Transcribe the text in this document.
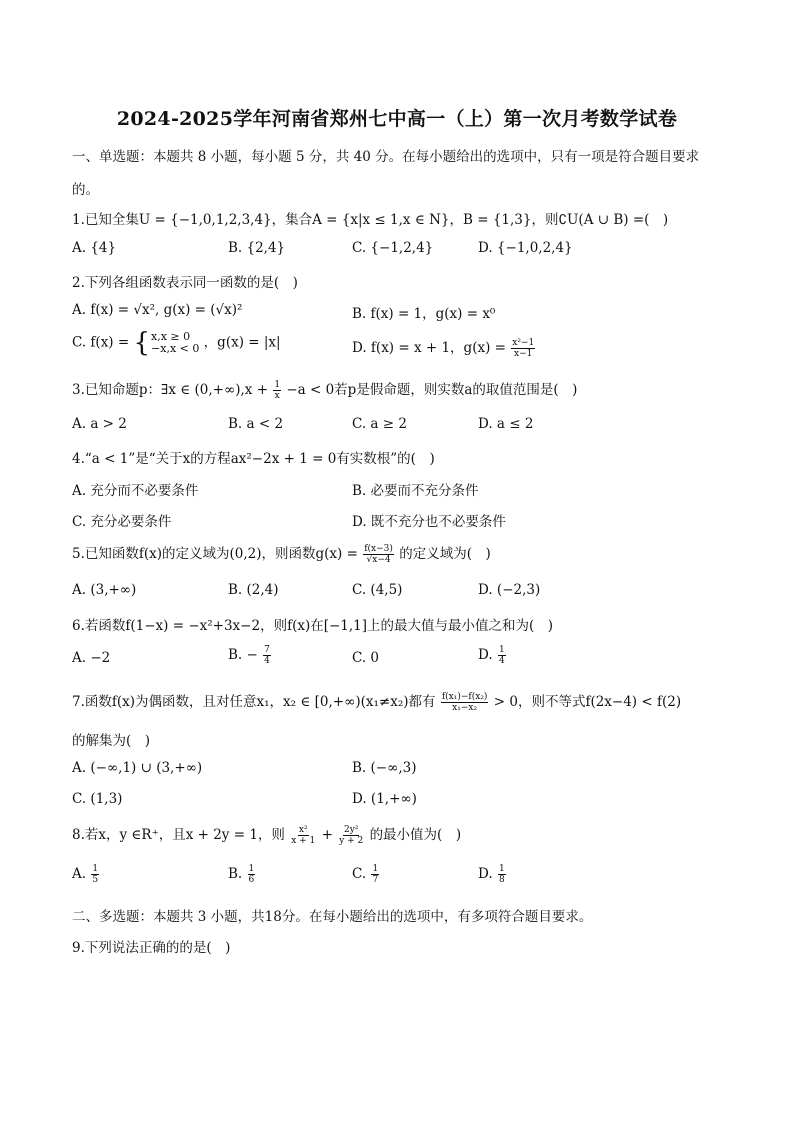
2024-2025学年河南省郑州七中高一（上）第一次月考数学试卷
一、单选题：本题共 8 小题，每小题 5 分，共 40 分。在每小题给出的选项中，只有一项是符合题目要求
的。
1.已知全集U = {−1,0,1,2,3,4}，集合A = {x|x ≤ 1,x ∈ N}，B = {1,3}，则∁U(A ∪ B) =(　)
A. {4}	B. {2,4}	C. {−1,2,4}	D. {−1,0,2,4}
2.下列各组函数表示同一函数的是(　)
A. f(x) = √x², g(x) = (√x)²	B. f(x) = 1，g(x) = x⁰
C. f(x) = { x,x ≥ 0
−x,x < 0 ，g(x) = |x|	D. f(x) = x + 1，$g(x) = \frac{\text{x²−1}}{x-1}$
3.已知命题p：∃x ∈ $(0,+\infty),x + \frac{1}{x} -a < 0$若p是假命题，则实数a的取值范围是(　)
A. a > 2	B. a < 2	C. a ≥ 2	D. a ≤ 2
4.“a < 1”是“关于x的方程ax²−2x + 1 = 0有实数根”的(　)
A. 充分而不必要条件	B. 必要而不充分条件
C. 充分必要条件	D. 既不充分也不必要条件
5.已知函数f(x)的定义域为(0,2)，则函数$g(x) = \frac{f(x-3)}{√x-4}$ 的定义域为(　)
A. (3,+∞)	B. (2,4)	C. (4,5)	D. (−2,3)
6.若函数f(1−x) = −x²+3x−2，则f(x)在[−1,1]上的最大值与最小值之和为(　)
A. −2	B. − $\frac{7}{4}$	C. 0	D. $\frac{1}{4}$
7.函数f(x)为偶函数，且对任意x₁，x₂ ∈ [0,+∞)(x₁≠x₂)都有 $\frac{\text{f(x₁)−f(x₂)}}{\text{x₁−x₂}} > 0$，则不等式f(2x−4) < f(2)
的解集为(　)
A. (−∞,1) ∪ (3,+∞)	B. (−∞,3)
C. (1,3)	D. (1,+∞)
8.若x，y ∈R⁺，且x + 2y = 1，则 $\frac{\text{x²}}{x + 1} + \frac{\text{2y²}}{y + 2}$ 的最小值为(　)
A. $\frac{1}{5}$	B. $\frac{1}{6}$	C. $\frac{1}{7}$	D. $\frac{1}{8}$
二、多选题：本题共 3 小题，共18分。在每小题给出的选项中，有多项符合题目要求。
9.下列说法正确的的是(　)
